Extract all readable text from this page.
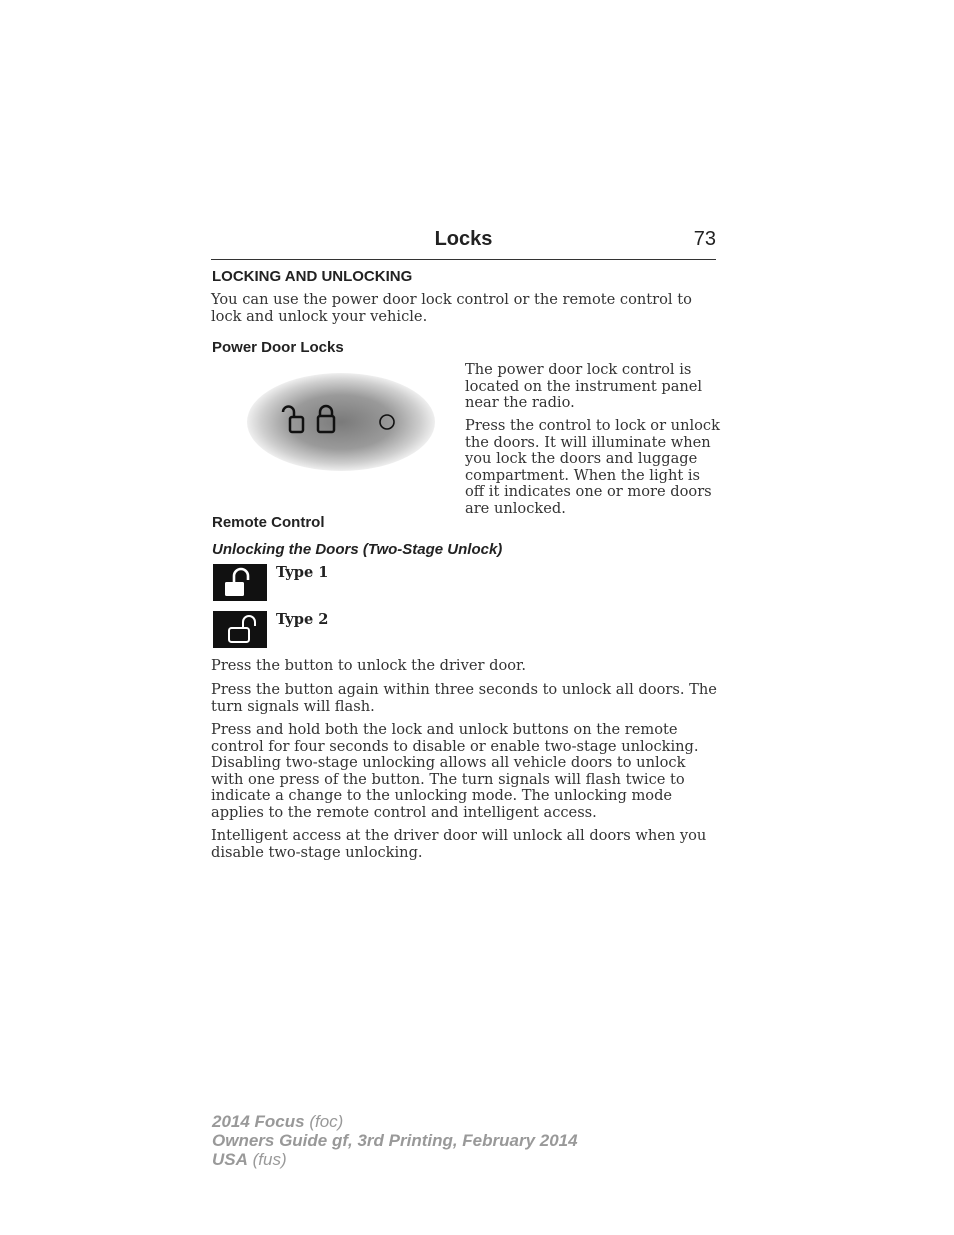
Locks	73
LOCKING AND UNLOCKING
You can use the power door lock control or the remote control to lock and unlock your vehicle.
Power Door Locks
The power door lock control is located on the instrument panel near the radio.
Press the control to lock or unlock the doors. It will illuminate when you lock the doors and luggage compartment. When the light is off it indicates one or more doors are unlocked.
Remote Control
Unlocking the Doors (Two-Stage Unlock)
Type 1
Type 2
Press the button to unlock the driver door.
Press the button again within three seconds to unlock all doors. The turn signals will flash.
Press and hold both the lock and unlock buttons on the remote control for four seconds to disable or enable two-stage unlocking. Disabling two-stage unlocking allows all vehicle doors to unlock with one press of the button. The turn signals will flash twice to indicate a change to the unlocking mode. The unlocking mode applies to the remote control and intelligent access.
Intelligent access at the driver door will unlock all doors when you disable two-stage unlocking.
2014 Focus (foc)
Owners Guide gf, 3rd Printing, February 2014
USA (fus)
